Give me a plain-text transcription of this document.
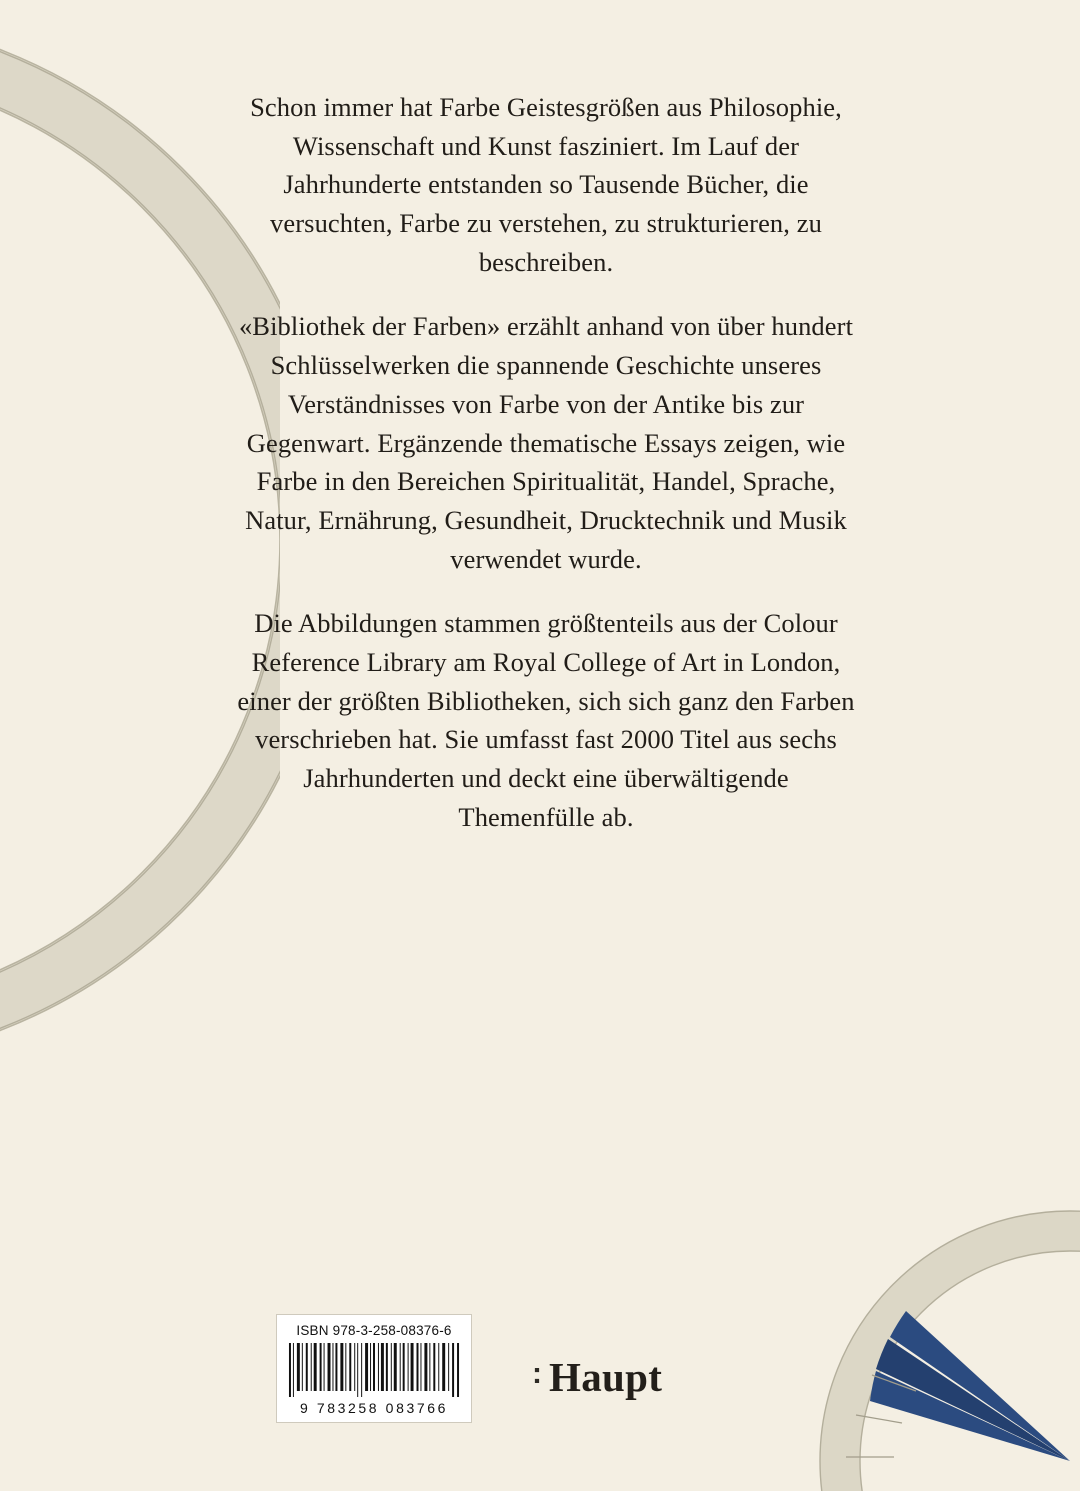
Schon immer hat Farbe Geistesgrößen aus Philosophie, Wissenschaft und Kunst fasziniert. Im Lauf der Jahrhunderte entstanden so Tausende Bücher, die versuchten, Farbe zu verstehen, zu strukturieren, zu beschreiben.

«Bibliothek der Farben» erzählt anhand von über hundert Schlüsselwerken die spannende Geschichte unseres Verständnisses von Farbe von der Antike bis zur Gegenwart. Ergänzende thematische Essays zeigen, wie Farbe in den Bereichen Spiritualität, Handel, Sprache, Natur, Ernährung, Gesundheit, Drucktechnik und Musik verwendet wurde.

Die Abbildungen stammen größtenteils aus der Colour Reference Library am Royal College of Art in London, einer der größten Bibliotheken, sich sich ganz den Farben verschrieben hat. Sie umfasst fast 2000 Titel aus sechs Jahrhunderten und deckt eine überwältigende Themenfülle ab.

ISBN 978-3-258-08376-6
9 783258 083766
: Haupt
